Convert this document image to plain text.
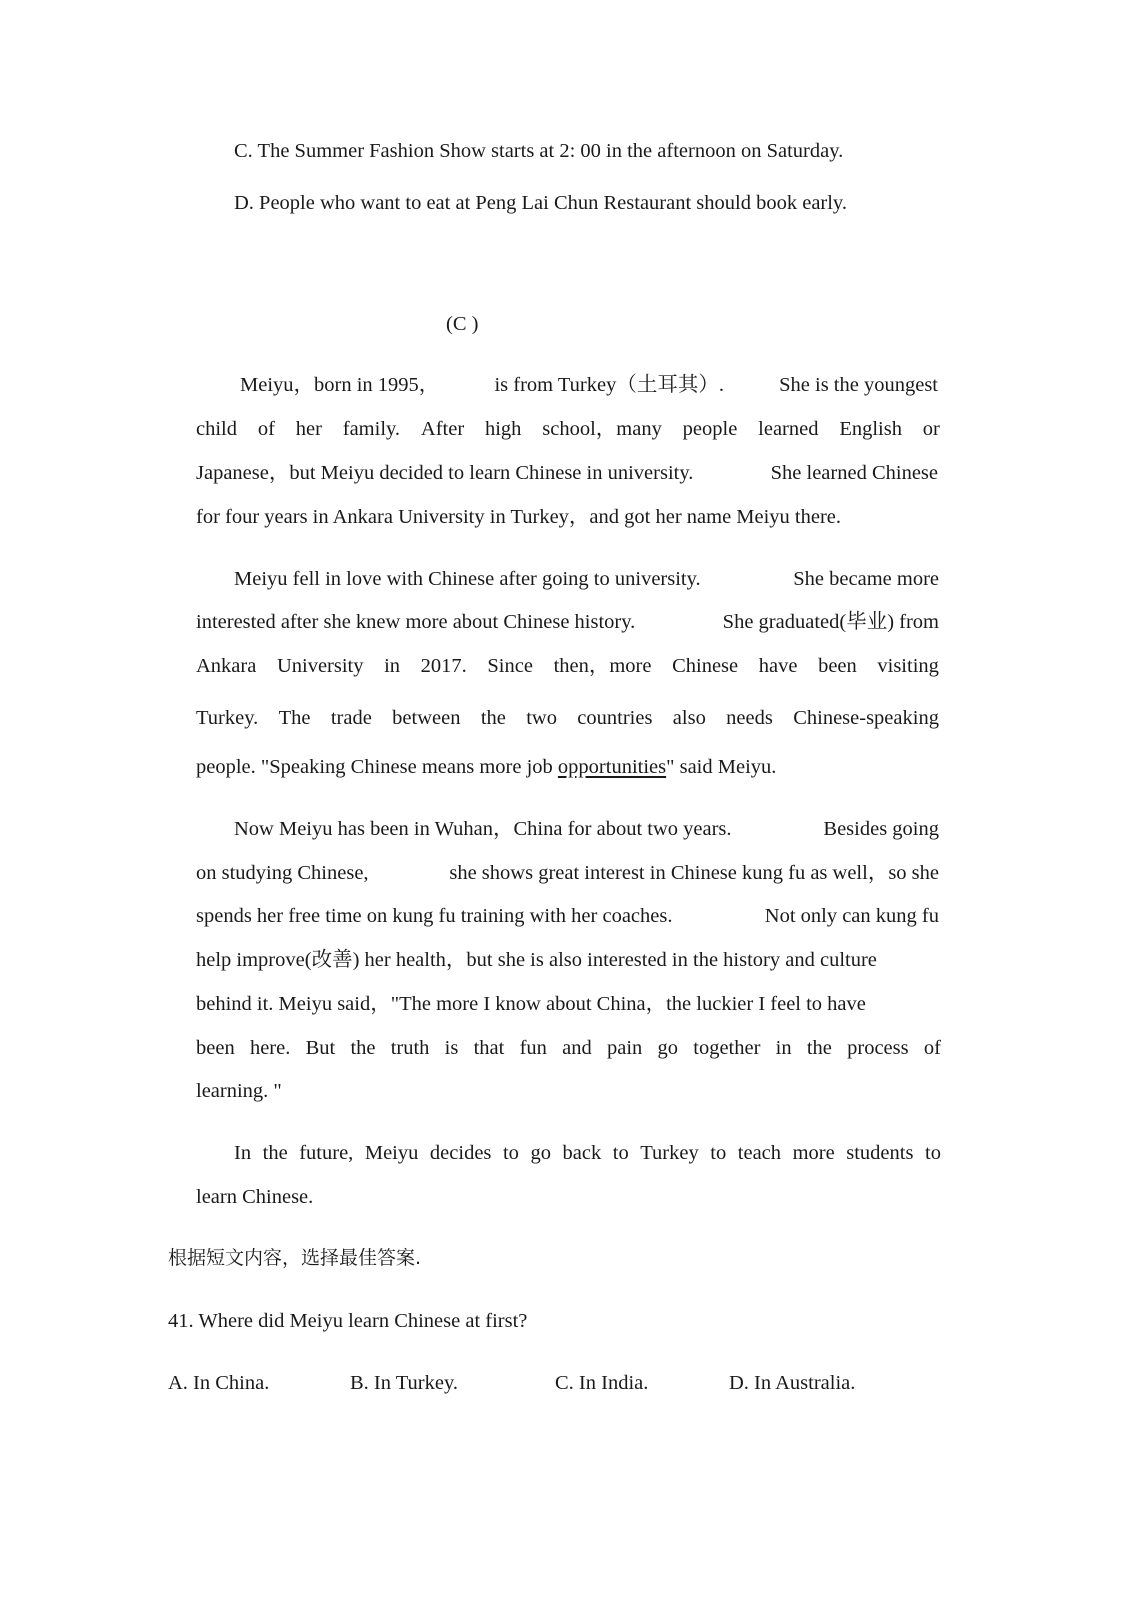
C. The Summer Fashion Show starts at 2: 00 in the afternoon on Saturday.
D. People who want to eat at Peng Lai Chun Restaurant should book early.
(C )
Meiyu，born in 1995，	is from Turkey（土耳其）.	She is the youngest
child of her family. After high school，many people learned English or
Japanese，but Meiyu decided to learn Chinese in university.	She learned Chinese
for four years in Ankara University in Turkey，and got her name Meiyu there.
Meiyu fell in love with Chinese after going to university.	She became more
interested after she knew more about Chinese history.	She graduated(毕业) from
Ankara University in 2017. Since then，more Chinese have been visiting
Turkey. The trade between the two countries also needs Chinese-speaking
people. "Speaking Chinese means more job opportunities" said Meiyu.
Now Meiyu has been in Wuhan，China for about two years.	Besides going
on studying Chinese,	she shows great interest in Chinese kung fu as well，so she
spends her free time on kung fu training with her coaches.	Not only can kung fu
help improve(改善) her health，but she is also interested in the history and culture
behind it. Meiyu said，"The more I know about China，the luckier I feel to have
been here. But the truth is that fun and pain go together in the process of
learning. "
In the future, Meiyu decides to go back to Turkey to teach more students to
learn Chinese.
根据短文内容，选择最佳答案.
41. Where did Meiyu learn Chinese at first?
A. In China.	B. In Turkey.	C. In India.	D. In Australia.
